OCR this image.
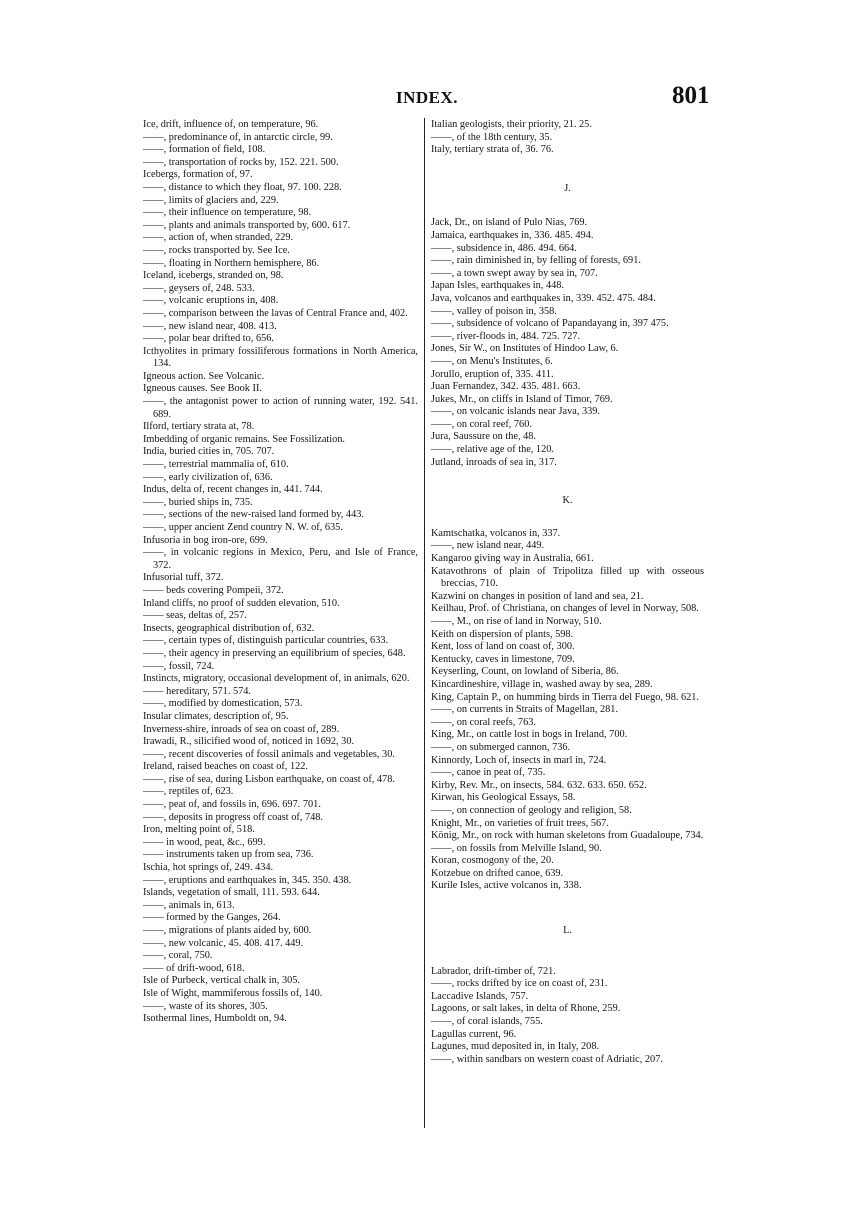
INDEX.	801

Ice, drift, influence of, on temperature, 96.

——, predominance of, in antarctic circle, 99.

——, formation of field, 108.

——, transportation of rocks by, 152. 221. 500.

Icebergs, formation of, 97.

——, distance to which they float, 97. 100. 228.

——, limits of glaciers and, 229.

——, their influence on temperature, 98.

——, plants and animals transported by, 600. 617.

——, action of, when stranded, 229.

——, rocks transported by. See Ice.

——, floating in Northern hemisphere, 86.

Iceland, icebergs, stranded on, 98.

——, geysers of, 248. 533.

——, volcanic eruptions in, 408.

——, comparison between the lavas of Central France and, 402.

——, new island near, 408. 413.

——, polar bear drifted to, 656.

Icthyolites in primary fossiliferous formations in North America, 134.

Igneous action. See Volcanic.

Igneous causes. See Book II.

——, the antagonist power to action of running water, 192. 541. 689.

Ilford, tertiary strata at, 78.

Imbedding of organic remains. See Fossilization.

India, buried cities in, 705. 707.

——, terrestrial mammalia of, 610.

——, early civilization of, 636.

Indus, delta of, recent changes in, 441. 744.

——, buried ships in, 735.

——, sections of the new-raised land formed by, 443.

——, upper ancient Zend country N. W. of, 635.

Infusoria in bog iron-ore, 699.

——, in volcanic regions in Mexico, Peru, and Isle of France, 372.

Infusorial tuff, 372.

—— beds covering Pompeii, 372.

Inland cliffs, no proof of sudden elevation, 510.

—— seas, deltas of, 257.

Insects, geographical distribution of, 632.

——, certain types of, distinguish particular countries, 633.

——, their agency in preserving an equilibrium of species, 648.

——, fossil, 724.

Instincts, migratory, occasional development of, in animals, 620.

—— hereditary, 571. 574.

——, modified by domestication, 573.

Insular climates, description of, 95.

Inverness-shire, inroads of sea on coast of, 289.

Irawadi, R., silicified wood of, noticed in 1692, 30.

——, recent discoveries of fossil animals and vegetables, 30.

Ireland, raised beaches on coast of, 122.

——, rise of sea, during Lisbon earthquake, on coast of, 478.

——, reptiles of, 623.

——, peat of, and fossils in, 696. 697. 701.

——, deposits in progress off coast of, 748.

Iron, melting point of, 518.

—— in wood, peat, &c., 699.

—— instruments taken up from sea, 736.

Ischia, hot springs of, 249. 434.

——, eruptions and earthquakes in, 345. 350. 438.

Islands, vegetation of small, 111. 593. 644.

——, animals in, 613.

—— formed by the Ganges, 264.

——, migrations of plants aided by, 600.

——, new volcanic, 45. 408. 417. 449.

——, coral, 750.

—— of drift-wood, 618.

Isle of Purbeck, vertical chalk in, 305.

Isle of Wight, mammiferous fossils of, 140.

——, waste of its shores, 305.

Isothermal lines, Humboldt on, 94.

Italian geologists, their priority, 21. 25.

——, of the 18th century, 35.

Italy, tertiary strata of, 36. 76.

J.

Jack, Dr., on island of Pulo Nias, 769.

Jamaica, earthquakes in, 336. 485. 494.

——, subsidence in, 486. 494. 664.

——, rain diminished in, by felling of forests, 691.

——, a town swept away by sea in, 707.

Japan Isles, earthquakes in, 448.

Java, volcanos and earthquakes in, 339. 452. 475. 484.

——, valley of poison in, 358.

——, subsidence of volcano of Papandayang in, 397 475.

——, river-floods in, 484. 725. 727.

Jones, Sir W., on Institutes of Hindoo Law, 6.

——, on Menu's Institutes, 6.

Jorullo, eruption of, 335. 411.

Juan Fernandez, 342. 435. 481. 663.

Jukes, Mr., on cliffs in Island of Timor, 769.

——, on volcanic islands near Java, 339.

——, on coral reef, 760.

Jura, Saussure on the, 48.

——, relative age of the, 120.

Jutland, inroads of sea in, 317.

K.

Kamtschatka, volcanos in, 337.

——, new island near, 449.

Kangaroo giving way in Australia, 661.

Katavothrons of plain of Tripolitza filled up with osseous breccias, 710.

Kazwini on changes in position of land and sea, 21.

Keilhau, Prof. of Christiana, on changes of level in Norway, 508.

——, M., on rise of land in Norway, 510.

Keith on dispersion of plants, 598.

Kent, loss of land on coast of, 300.

Kentucky, caves in limestone, 709.

Keyserling, Count, on lowland of Siberia, 86.

Kincardineshire, village in, washed away by sea, 289.

King, Captain P., on humming birds in Tierra del Fuego, 98. 621.

——, on currents in Straits of Magellan, 281.

——, on coral reefs, 763.

King, Mr., on cattle lost in bogs in Ireland, 700.

——, on submerged cannon, 736.

Kinnordy, Loch of, insects in marl in, 724.

——, canoe in peat of, 735.

Kirby, Rev. Mr., on insects, 584. 632. 633. 650. 652.

Kirwan, his Geological Essays, 58.

——, on connection of geology and religion, 58.

Knight, Mr., on varieties of fruit trees, 567.

König, Mr., on rock with human skeletons from Guadaloupe, 734.

——, on fossils from Melville Island, 90.

Koran, cosmogony of the, 20.

Kotzebue on drifted canoe, 639.

Kurile Isles, active volcanos in, 338.

L.

Labrador, drift-timber of, 721.

——, rocks drifted by ice on coast of, 231.

Laccadive Islands, 757.

Lagoons, or salt lakes, in delta of Rhone, 259.

——, of coral islands, 755.

Lagullas current, 96.

Lagunes, mud deposited in, in Italy, 208.

——, within sandbars on western coast of Adriatic, 207.
